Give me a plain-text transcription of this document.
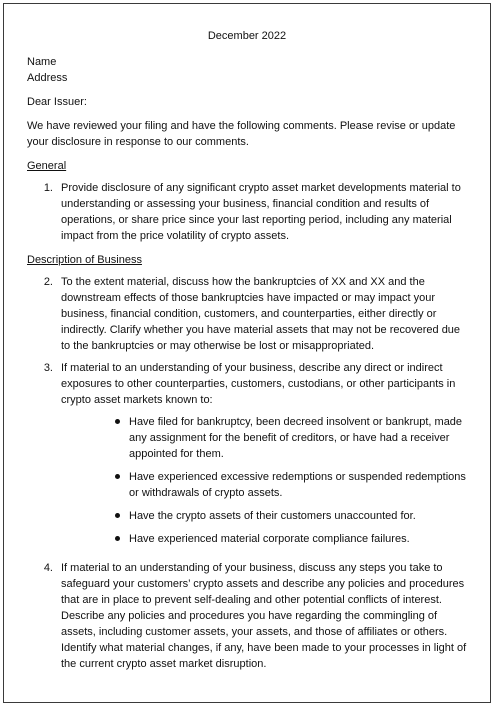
December 2022
Name
Address
Dear Issuer:
We have reviewed your filing and have the following comments. Please revise or update your disclosure in response to our comments.
General
1. Provide disclosure of any significant crypto asset market developments material to understanding or assessing your business, financial condition and results of operations, or share price since your last reporting period, including any material impact from the price volatility of crypto assets.
Description of Business
2. To the extent material, discuss how the bankruptcies of XX and XX and the downstream effects of those bankruptcies have impacted or may impact your business, financial condition, customers, and counterparties, either directly or indirectly. Clarify whether you have material assets that may not be recovered due to the bankruptcies or may otherwise be lost or misappropriated.
3. If material to an understanding of your business, describe any direct or indirect exposures to other counterparties, customers, custodians, or other participants in crypto asset markets known to:
Have filed for bankruptcy, been decreed insolvent or bankrupt, made any assignment for the benefit of creditors, or have had a receiver appointed for them.
Have experienced excessive redemptions or suspended redemptions or withdrawals of crypto assets.
Have the crypto assets of their customers unaccounted for.
Have experienced material corporate compliance failures.
4. If material to an understanding of your business, discuss any steps you take to safeguard your customers’ crypto assets and describe any policies and procedures that are in place to prevent self-dealing and other potential conflicts of interest. Describe any policies and procedures you have regarding the commingling of assets, including customer assets, your assets, and those of affiliates or others. Identify what material changes, if any, have been made to your processes in light of the current crypto asset market disruption.
